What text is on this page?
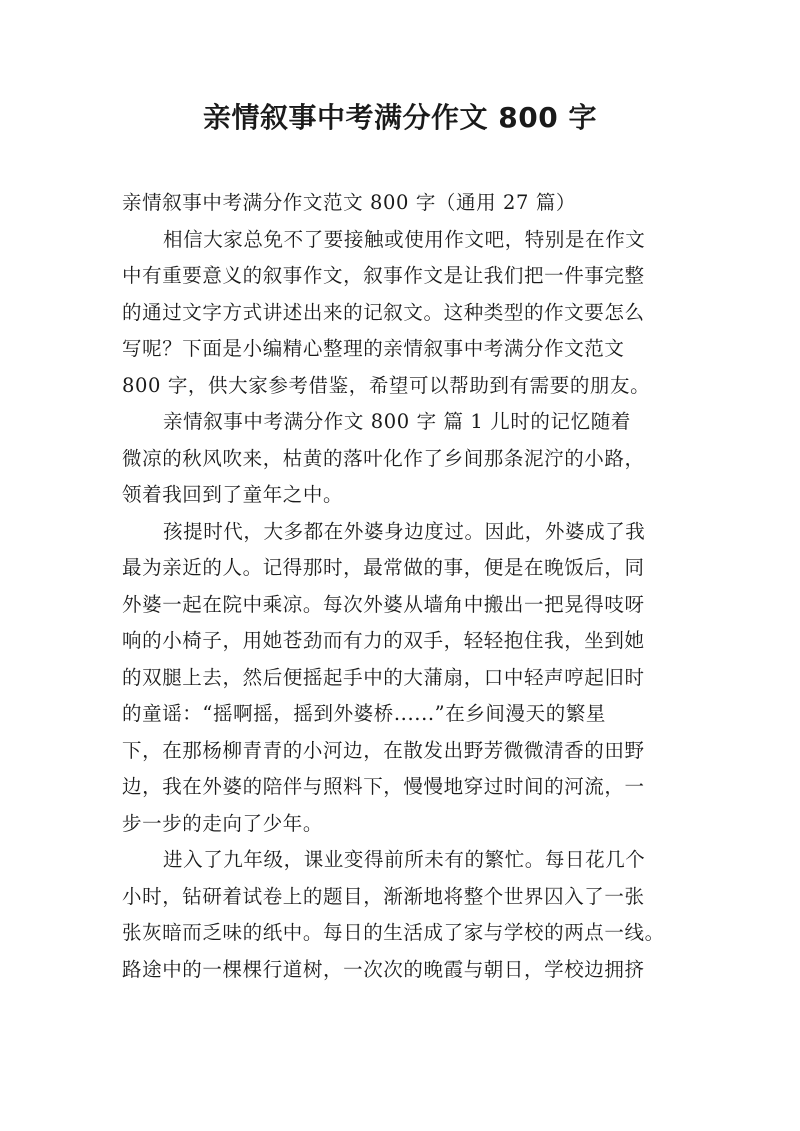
亲情叙事中考满分作文 800 字
亲情叙事中考满分作文范文 800 字（通用 27 篇）
相信大家总免不了要接触或使用作文吧，特别是在作文
中有重要意义的叙事作文，叙事作文是让我们把一件事完整
的通过文字方式讲述出来的记叙文。这种类型的作文要怎么
写呢？下面是小编精心整理的亲情叙事中考满分作文范文
800 字，供大家参考借鉴，希望可以帮助到有需要的朋友。
亲情叙事中考满分作文 800 字 篇 1 儿时的记忆随着
微凉的秋风吹来，枯黄的落叶化作了乡间那条泥泞的小路，
领着我回到了童年之中。
孩提时代，大多都在外婆身边度过。因此，外婆成了我
最为亲近的人。记得那时，最常做的事，便是在晚饭后，同
外婆一起在院中乘凉。每次外婆从墙角中搬出一把晃得吱呀
响的小椅子，用她苍劲而有力的双手，轻轻抱住我，坐到她
的双腿上去，然后便摇起手中的大蒲扇，口中轻声哼起旧时
的童谣：“摇啊摇，摇到外婆桥......”在乡间漫天的繁星
下，在那杨柳青青的小河边，在散发出野芳微微清香的田野
边，我在外婆的陪伴与照料下，慢慢地穿过时间的河流，一
步一步的走向了少年。
进入了九年级，课业变得前所未有的繁忙。每日花几个
小时，钻研着试卷上的题目，渐渐地将整个世界囚入了一张
张灰暗而乏味的纸中。每日的生活成了家与学校的两点一线。
路途中的一棵棵行道树，一次次的晚霞与朝日，学校边拥挤
